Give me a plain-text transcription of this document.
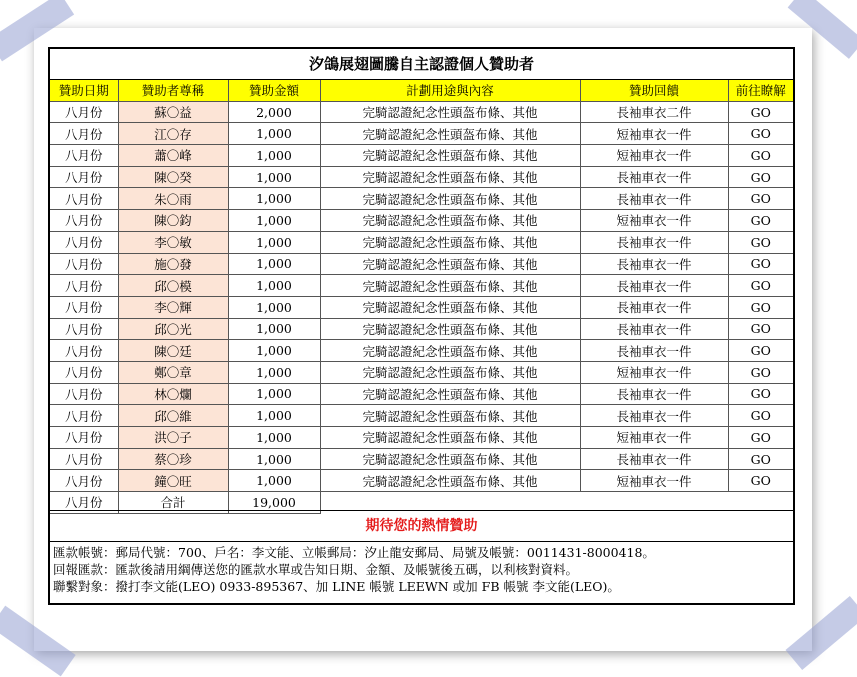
汐鴿展翅圖騰自主認證個人贊助者
贊助日期	贊助者尊稱	贊助金額	計劃用途與內容	贊助回饋	前往瞭解
八月份	蘇〇益	2,000	完騎認證紀念性頭盔布條、其他	長袖車衣二件	GO
八月份	江〇存	1,000	完騎認證紀念性頭盔布條、其他	短袖車衣一件	GO
八月份	蕭〇峰	1,000	完騎認證紀念性頭盔布條、其他	短袖車衣一件	GO
八月份	陳〇癸	1,000	完騎認證紀念性頭盔布條、其他	長袖車衣一件	GO
八月份	朱〇雨	1,000	完騎認證紀念性頭盔布條、其他	長袖車衣一件	GO
八月份	陳〇鈞	1,000	完騎認證紀念性頭盔布條、其他	短袖車衣一件	GO
八月份	李〇敏	1,000	完騎認證紀念性頭盔布條、其他	長袖車衣一件	GO
八月份	施〇發	1,000	完騎認證紀念性頭盔布條、其他	長袖車衣一件	GO
八月份	邱〇模	1,000	完騎認證紀念性頭盔布條、其他	長袖車衣一件	GO
八月份	李〇輝	1,000	完騎認證紀念性頭盔布條、其他	長袖車衣一件	GO
八月份	邱〇光	1,000	完騎認證紀念性頭盔布條、其他	長袖車衣一件	GO
八月份	陳〇廷	1,000	完騎認證紀念性頭盔布條、其他	長袖車衣一件	GO
八月份	鄭〇章	1,000	完騎認證紀念性頭盔布條、其他	短袖車衣一件	GO
八月份	林〇爛	1,000	完騎認證紀念性頭盔布條、其他	長袖車衣一件	GO
八月份	邱〇維	1,000	完騎認證紀念性頭盔布條、其他	長袖車衣一件	GO
八月份	洪〇子	1,000	完騎認證紀念性頭盔布條、其他	短袖車衣一件	GO
八月份	蔡〇珍	1,000	完騎認證紀念性頭盔布條、其他	長袖車衣一件	GO
八月份	鐘〇旺	1,000	完騎認證紀念性頭盔布條、其他	短袖車衣一件	GO
八月份	合計	19,000			
期待您的熱情贊助
匯款帳號：郵局代號：700、戶名：李文能、立帳郵局：汐止龍安郵局、局號及帳號：0011431-8000418。
回報匯款：匯款後請用綱傳送您的匯款水單或告知日期、金額、及帳號後五碼，以利核對資料。
聯繫對象：撥打李文能(LEO) 0933-895367、加 LINE 帳號 LEEWN 或加 FB 帳號 李文能(LEO)。
